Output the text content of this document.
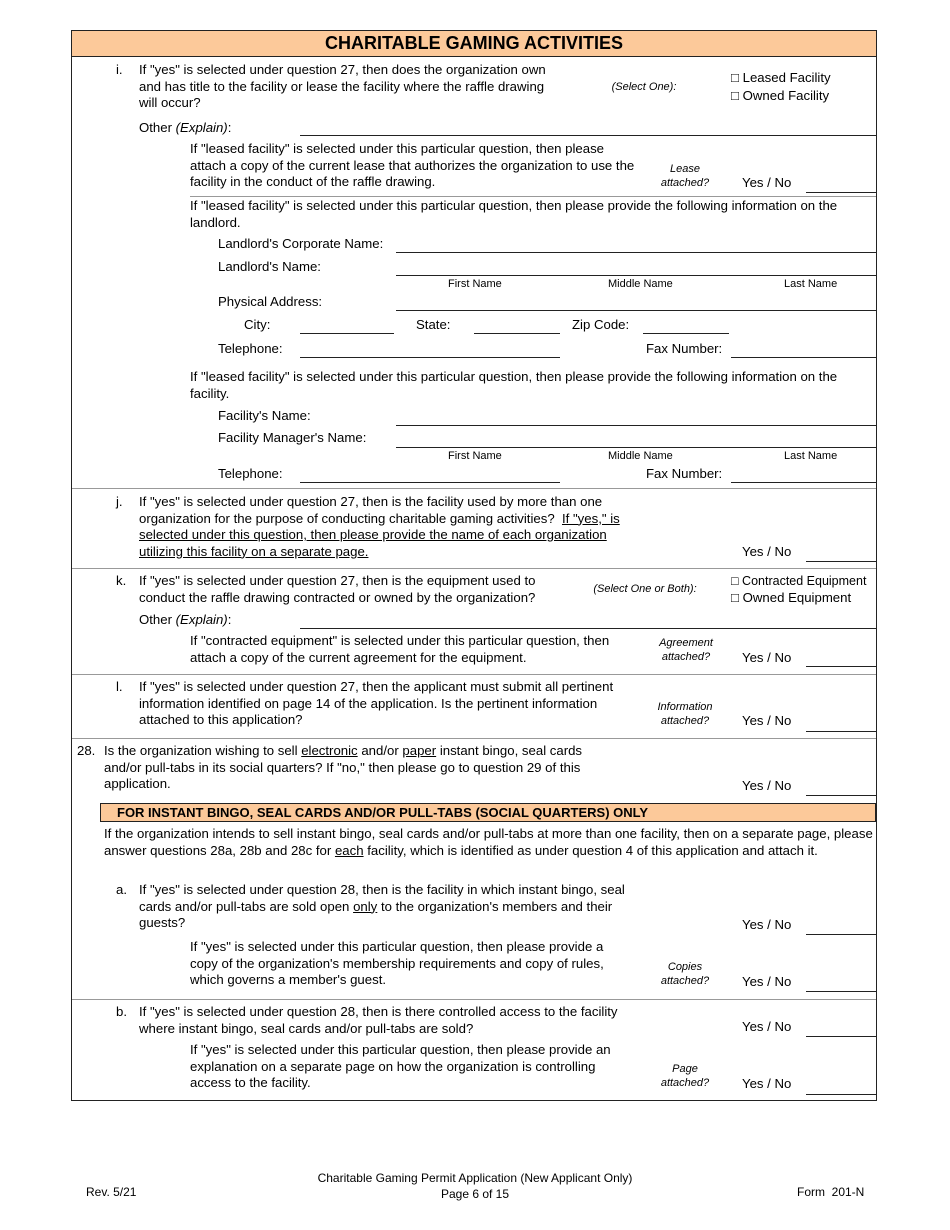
CHARITABLE GAMING ACTIVITIES
i. If "yes" is selected under question 27, then does the organization own and has title to the facility or lease the facility where the raffle drawing will occur?
(Select One):
□ Leased Facility
□ Owned Facility
Other (Explain):
If "leased facility" is selected under this particular question, then please attach a copy of the current lease that authorizes the organization to use the facility in the conduct of the raffle drawing.
Lease attached?	Yes / No
If "leased facility" is selected under this particular question, then please provide the following information on the landlord.
Landlord's Corporate Name:
Landlord's Name:
First Name	Middle Name	Last Name
Physical Address:
City:	State:	Zip Code:
Telephone:	Fax Number:
If "leased facility" is selected under this particular question, then please provide the following information on the facility.
Facility's Name:
Facility Manager's Name:
First Name	Middle Name	Last Name
Telephone:	Fax Number:
j. If "yes" is selected under question 27, then is the facility used by more than one organization for the purpose of conducting charitable gaming activities? If "yes," is selected under this question, then please provide the name of each organization utilizing this facility on a separate page.	Yes / No
k. If "yes" is selected under question 27, then is the equipment used to conduct the raffle drawing contracted or owned by the organization?
(Select One or Both):
□ Contracted Equipment
□ Owned Equipment
Other (Explain):
If "contracted equipment" is selected under this particular question, then attach a copy of the current agreement for the equipment.
Agreement attached?	Yes / No
l. If "yes" is selected under question 27, then the applicant must submit all pertinent information identified on page 14 of the application. Is the pertinent information attached to this application?
Information attached?	Yes / No
28. Is the organization wishing to sell electronic and/or paper instant bingo, seal cards and/or pull-tabs in its social quarters? If "no," then please go to question 29 of this application.	Yes / No
FOR INSTANT BINGO, SEAL CARDS AND/OR PULL-TABS (SOCIAL QUARTERS) ONLY
If the organization intends to sell instant bingo, seal cards and/or pull-tabs at more than one facility, then on a separate page, please answer questions 28a, 28b and 28c for each facility, which is identified as under question 4 of this application and attach it.
a. If "yes" is selected under question 28, then is the facility in which instant bingo, seal cards and/or pull-tabs are sold open only to the organization's members and their guests?	Yes / No
If "yes" is selected under this particular question, then please provide a copy of the organization's membership requirements and copy of rules, which governs a member's guest.
Copies attached?	Yes / No
b. If "yes" is selected under question 28, then is there controlled access to the facility where instant bingo, seal cards and/or pull-tabs are sold?	Yes / No
If "yes" is selected under this particular question, then please provide an explanation on a separate page on how the organization is controlling access to the facility.
Page attached?	Yes / No
Rev. 5/21
Charitable Gaming Permit Application (New Applicant Only)
Page 6 of 15	Form  201-N
